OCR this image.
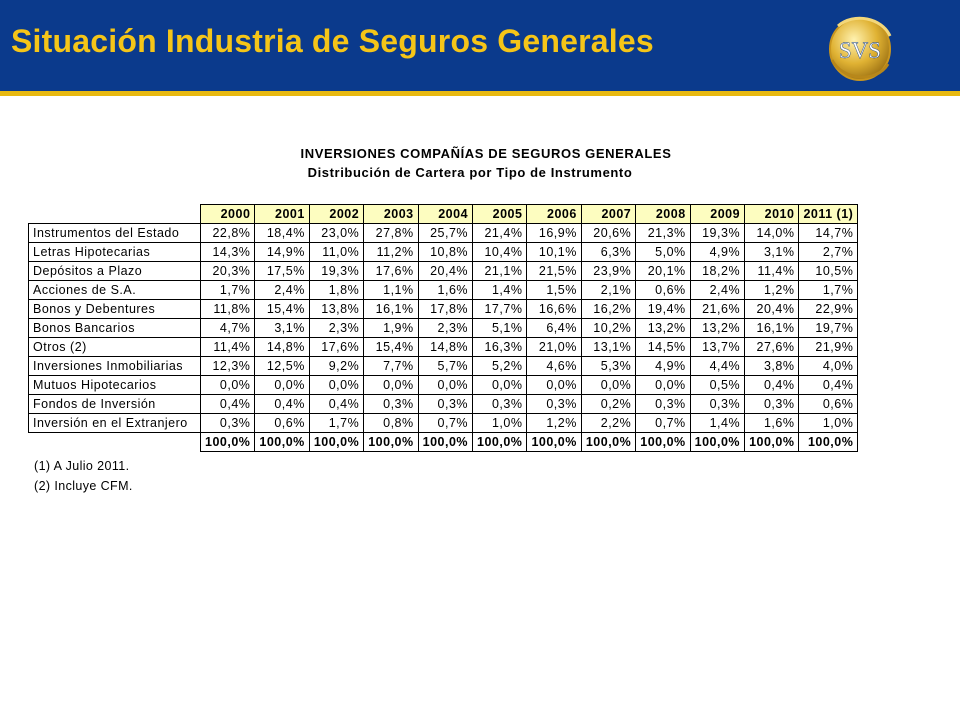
Situación Industria de Seguros Generales	SVS
INVERSIONES COMPAÑÍAS DE SEGUROS GENERALES
Distribución de Cartera por Tipo de Instrumento
	2000	2001	2002	2003	2004	2005	2006	2007	2008	2009	2010	2011 (1)
Instrumentos del Estado	22,8%	18,4%	23,0%	27,8%	25,7%	21,4%	16,9%	20,6%	21,3%	19,3%	14,0%	14,7%
Letras Hipotecarias	14,3%	14,9%	11,0%	11,2%	10,8%	10,4%	10,1%	6,3%	5,0%	4,9%	3,1%	2,7%
Depósitos a Plazo	20,3%	17,5%	19,3%	17,6%	20,4%	21,1%	21,5%	23,9%	20,1%	18,2%	11,4%	10,5%
Acciones de S.A.	1,7%	2,4%	1,8%	1,1%	1,6%	1,4%	1,5%	2,1%	0,6%	2,4%	1,2%	1,7%
Bonos y Debentures	11,8%	15,4%	13,8%	16,1%	17,8%	17,7%	16,6%	16,2%	19,4%	21,6%	20,4%	22,9%
Bonos Bancarios	4,7%	3,1%	2,3%	1,9%	2,3%	5,1%	6,4%	10,2%	13,2%	13,2%	16,1%	19,7%
Otros (2)	11,4%	14,8%	17,6%	15,4%	14,8%	16,3%	21,0%	13,1%	14,5%	13,7%	27,6%	21,9%
Inversiones Inmobiliarias	12,3%	12,5%	9,2%	7,7%	5,7%	5,2%	4,6%	5,3%	4,9%	4,4%	3,8%	4,0%
Mutuos Hipotecarios	0,0%	0,0%	0,0%	0,0%	0,0%	0,0%	0,0%	0,0%	0,0%	0,5%	0,4%	0,4%
Fondos de Inversión	0,4%	0,4%	0,4%	0,3%	0,3%	0,3%	0,3%	0,2%	0,3%	0,3%	0,3%	0,6%
Inversión en el Extranjero	0,3%	0,6%	1,7%	0,8%	0,7%	1,0%	1,2%	2,2%	0,7%	1,4%	1,6%	1,0%
	100,0%	100,0%	100,0%	100,0%	100,0%	100,0%	100,0%	100,0%	100,0%	100,0%	100,0%	100,0%
(1) A Julio 2011.
(2) Incluye CFM.
